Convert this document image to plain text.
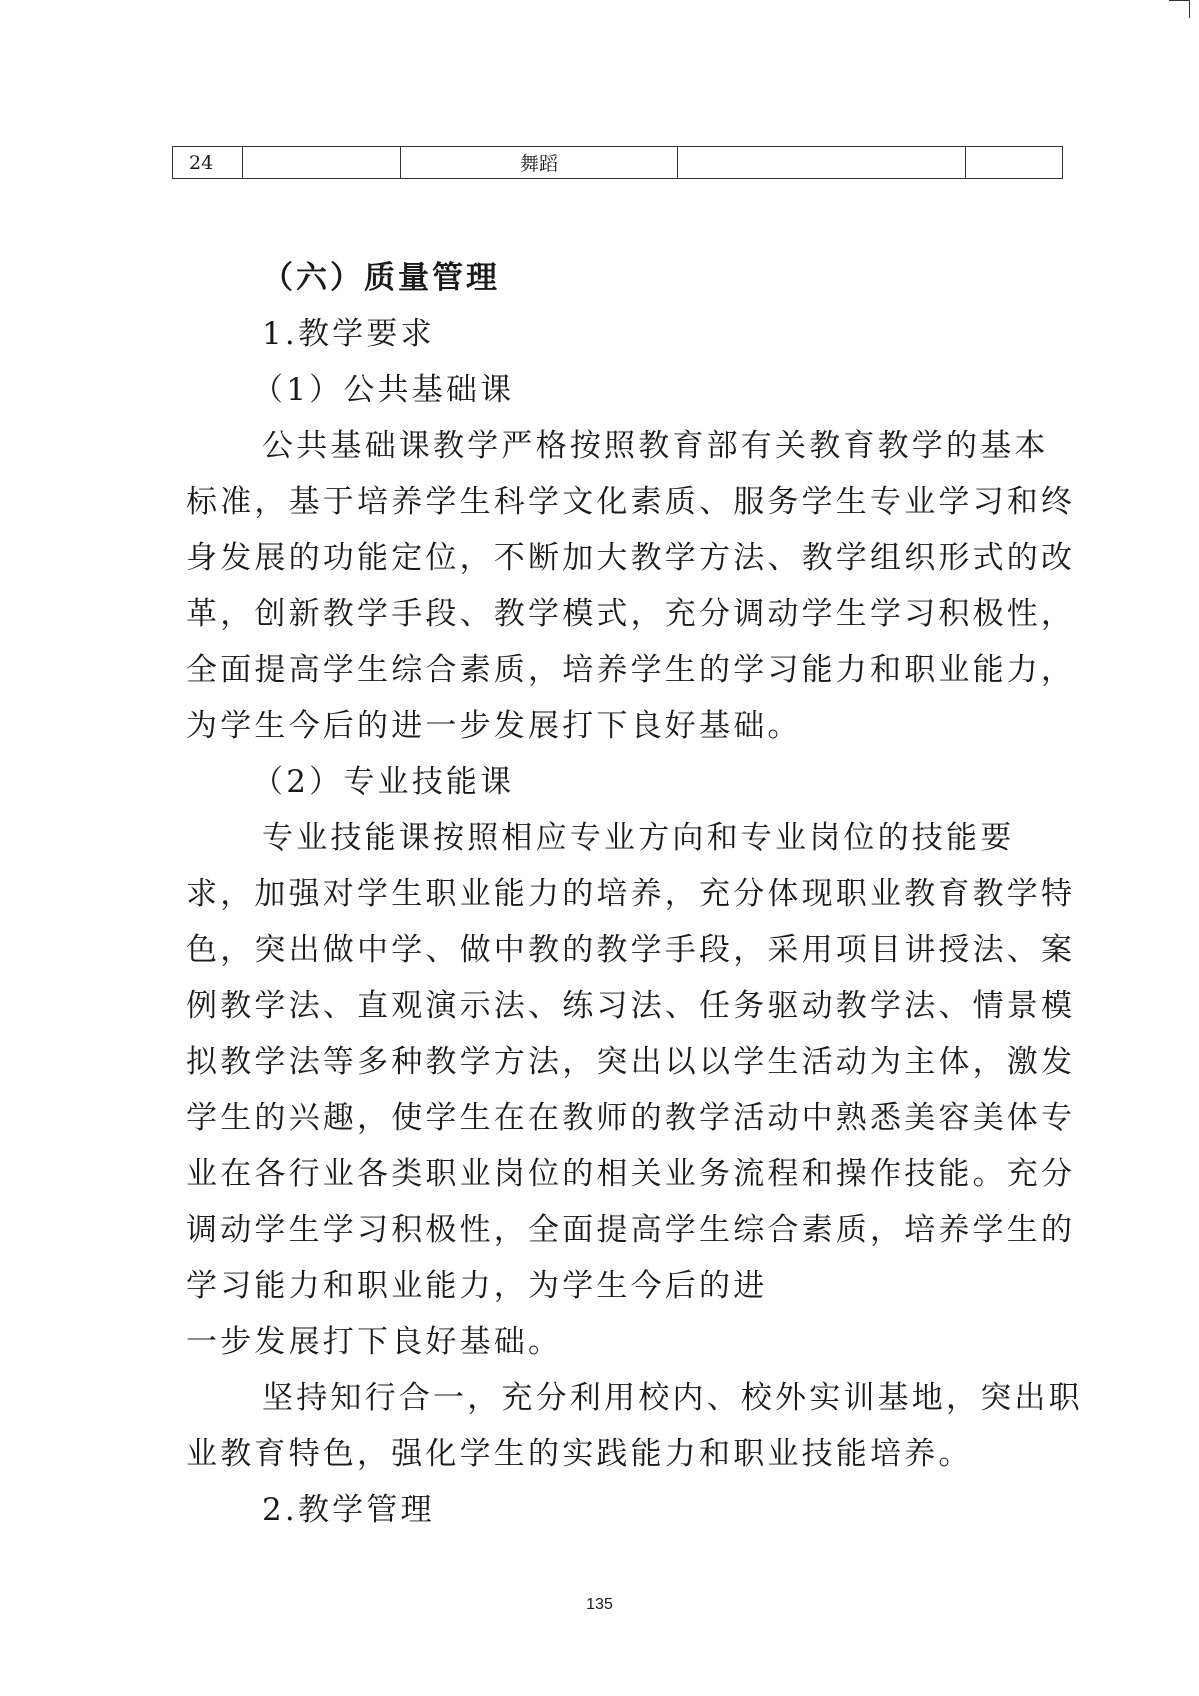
24		舞蹈		
（六）质量管理
1.教学要求
（1）公共基础课
公共基础课教学严格按照教育部有关教育教学的基本
标准，基于培养学生科学文化素质、服务学生专业学习和终
身发展的功能定位，不断加大教学方法、教学组织形式的改
革，创新教学手段、教学模式，充分调动学生学习积极性，
全面提高学生综合素质，培养学生的学习能力和职业能力，
为学生今后的进一步发展打下良好基础。
（2）专业技能课
专业技能课按照相应专业方向和专业岗位的技能要
求，加强对学生职业能力的培养，充分体现职业教育教学特
色，突出做中学、做中教的教学手段，采用项目讲授法、案
例教学法、直观演示法、练习法、任务驱动教学法、情景模
拟教学法等多种教学方法，突出以以学生活动为主体，激发
学生的兴趣，使学生在在教师的教学活动中熟悉美容美体专
业在各行业各类职业岗位的相关业务流程和操作技能。充分
调动学生学习积极性，全面提高学生综合素质，培养学生的
学习能力和职业能力，为学生今后的进
一步发展打下良好基础。
坚持知行合一，充分利用校内、校外实训基地，突出职
业教育特色，强化学生的实践能力和职业技能培养。
2.教学管理
135
